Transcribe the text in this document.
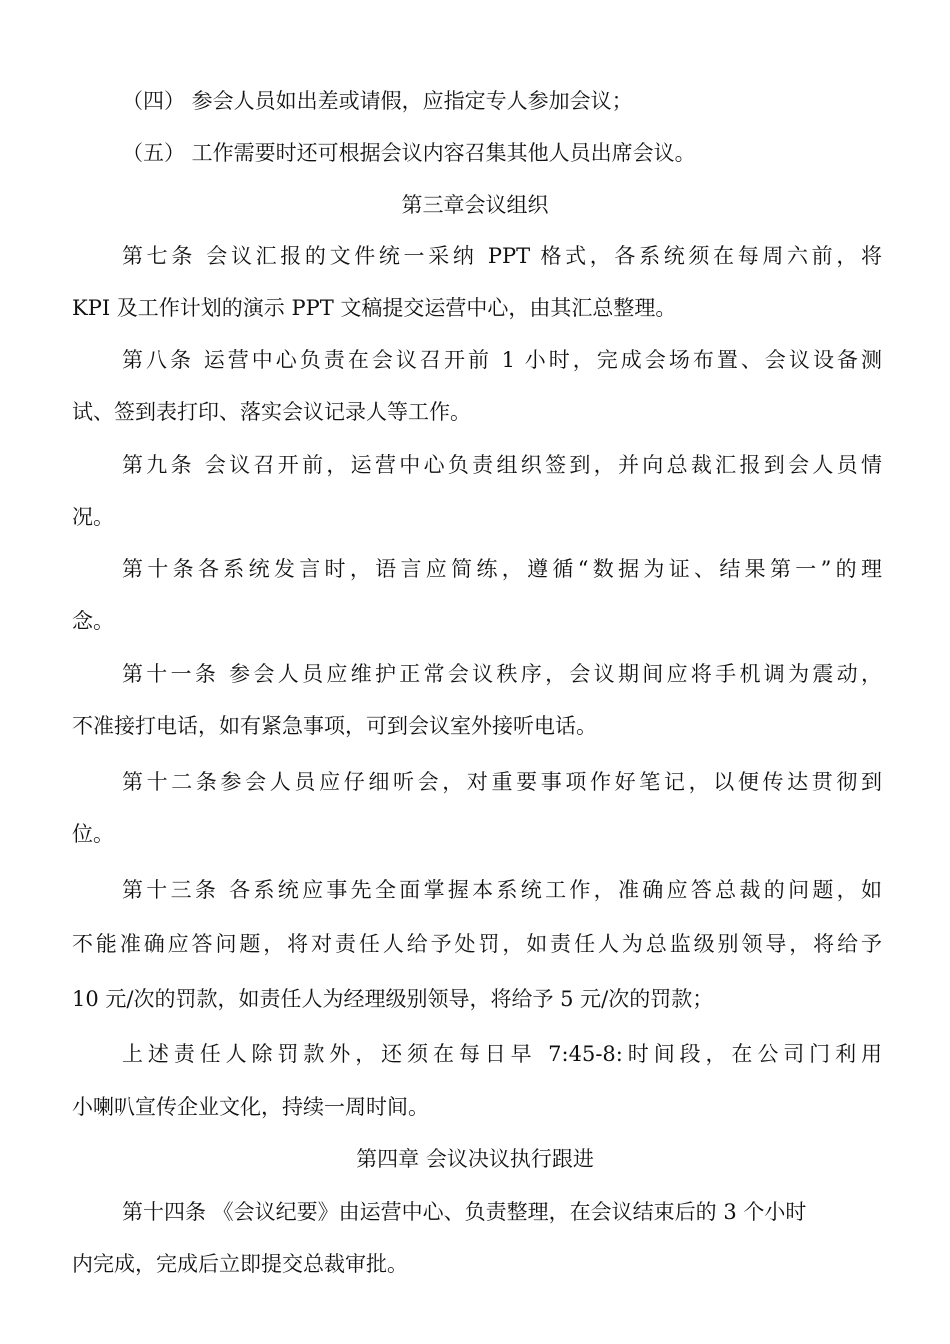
（四） 参会人员如出差或请假，应指定专人参加会议；
（五） 工作需要时还可根据会议内容召集其他人员出席会议。
第三章会议组织
第七条 会议汇报的文件统一采纳 PPT 格式，各系统须在每周六前，将
KPI 及工作计划的演示 PPT 文稿提交运营中心，由其汇总整理。
第八条 运营中心负责在会议召开前 1 小时，完成会场布置、会议设备测
试、签到表打印、落实会议记录人等工作。
第九条 会议召开前，运营中心负责组织签到，并向总裁汇报到会人员情
况。
第十条各系统发言时，语言应简练，遵循“数据为证、结果第一”的理
念。
第十一条 参会人员应维护正常会议秩序，会议期间应将手机调为震动，
不准接打电话，如有紧急事项，可到会议室外接听电话。
第十二条参会人员应仔细听会，对重要事项作好笔记，以便传达贯彻到
位。
第十三条 各系统应事先全面掌握本系统工作，准确应答总裁的问题，如
不能准确应答问题，将对责任人给予处罚，如责任人为总监级别领导，将给予
10 元/次的罚款，如责任人为经理级别领导，将给予 5 元/次的罚款；
上述责任人除罚款外，还须在每日早 7:45-8:时间段，在公司门利用
小喇叭宣传企业文化，持续一周时间。
第四章 会议决议执行跟进
第十四条 《会议纪要》由运营中心、负责整理，在会议结束后的 3 个小时
内完成，完成后立即提交总裁审批。
